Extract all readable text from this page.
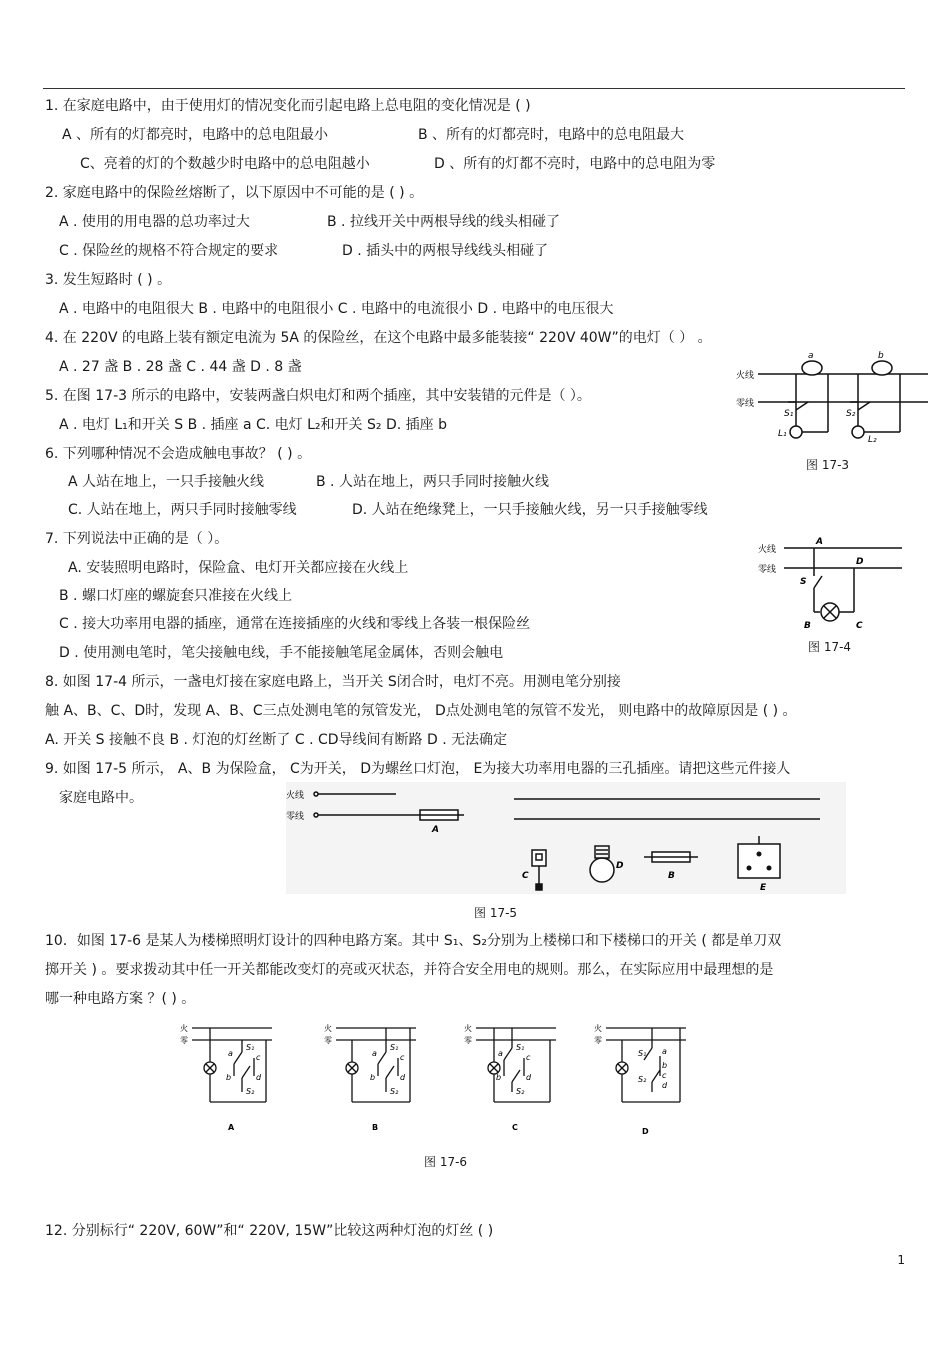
1. 在家庭电路中，由于使用灯的情况变化而引起电路上总电阻的变化情况是 ( )
A 、所有的灯都亮时，电路中的总电阻最小	B 、所有的灯都亮时，电路中的总电阻最大
C、亮着的灯的个数越少时电路中的总电阻越小	D 、所有的灯都不亮时，电路中的总电阻为零
2. 家庭电路中的保险丝熔断了，以下原因中不可能的是 ( ) 。
A . 使用的用电器的总功率过大	B . 拉线开关中两根导线的线头相碰了
C . 保险丝的规格不符合规定的要求	D . 插头中的两根导线线头相碰了
3. 发生短路时 ( ) 。
A . 电路中的电阻很大 B . 电路中的电阻很小 C . 电路中的电流很小 D . 电路中的电压很大
4. 在 220V 的电路上装有额定电流为 5A 的保险丝，在这个电路中最多能装接“ 220V 40W”的电灯（ ） 。
A . 27 盏 B . 28 盏 C . 44 盏 D . 8 盏
5. 在图 17-3 所示的电路中，安装两盏白炽电灯和两个插座，其中安装错的元件是（ ）。
A . 电灯 L₁和开关 S B . 插座 a C. 电灯 L₂和开关 S₂ D. 插座 b
6. 下列哪种情况不会造成触电事故？ ( ) 。
A 人站在地上，一只手接触火线	B . 人站在地上，两只手同时接触火线
C. 人站在地上，两只手同时接触零线	D. 人站在绝缘凳上，一只手接触火线，另一只手接触零线
7. 下列说法中正确的是（ ）。
A. 安装照明电路时，保险盒、电灯开关都应接在火线上
B . 螺口灯座的螺旋套只准接在火线上
C . 接大功率用电器的插座，通常在连接插座的火线和零线上各装一根保险丝
D . 使用测电笔时，笔尖接触电线，手不能接触笔尾金属体，否则会触电
8. 如图 17-4 所示，一盏电灯接在家庭电路上，当开关 S闭合时，电灯不亮。用测电笔分别接
触 A、B、C、D时，发现 A、B、C三点处测电笔的氖管发光， D点处测电笔的氖管不发光， 则电路中的故障原因是 ( ) 。
A. 开关 S 接触不良 B . 灯泡的灯丝断了 C . CD导线间有断路 D . 无法确定
9. 如图 17-5 所示， A、B 为保险盒， C为开关， D为螺丝口灯泡， E为接大功率用电器的三孔插座。请把这些元件接人
家庭电路中。
10．如图 17-6 是某人为楼梯照明灯设计的四种电路方案。其中 S₁、S₂分别为上楼梯口和下楼梯口的开关 ( 都是单刀双
掷开关 ) 。要求拨动其中任一开关都能改变灯的亮或灭状态，并符合安全用电的规则。那么，在实际应用中最理想的是
哪一种电路方案 ？( ) 。
12. 分别标行“ 220V, 60W”和“ 220V, 15W”比较这两种灯泡的灯丝 ( )
火线
零线
a	b
S₁	S₂
L₁
L₂
图 17-3
火线
零线
A
D
S
B	C
图 17-4
火线
零线
A
C
D
B
E
图 17-5
火
零
a
S₁
c
b	d
S₂
A
火
零
a
S₁
c
b	d
S₂
B
火
零
a
S₁
c
b	d
S₂
C
火
零
a
S₁
b
c
d
S₂
D
图 17-6
1
